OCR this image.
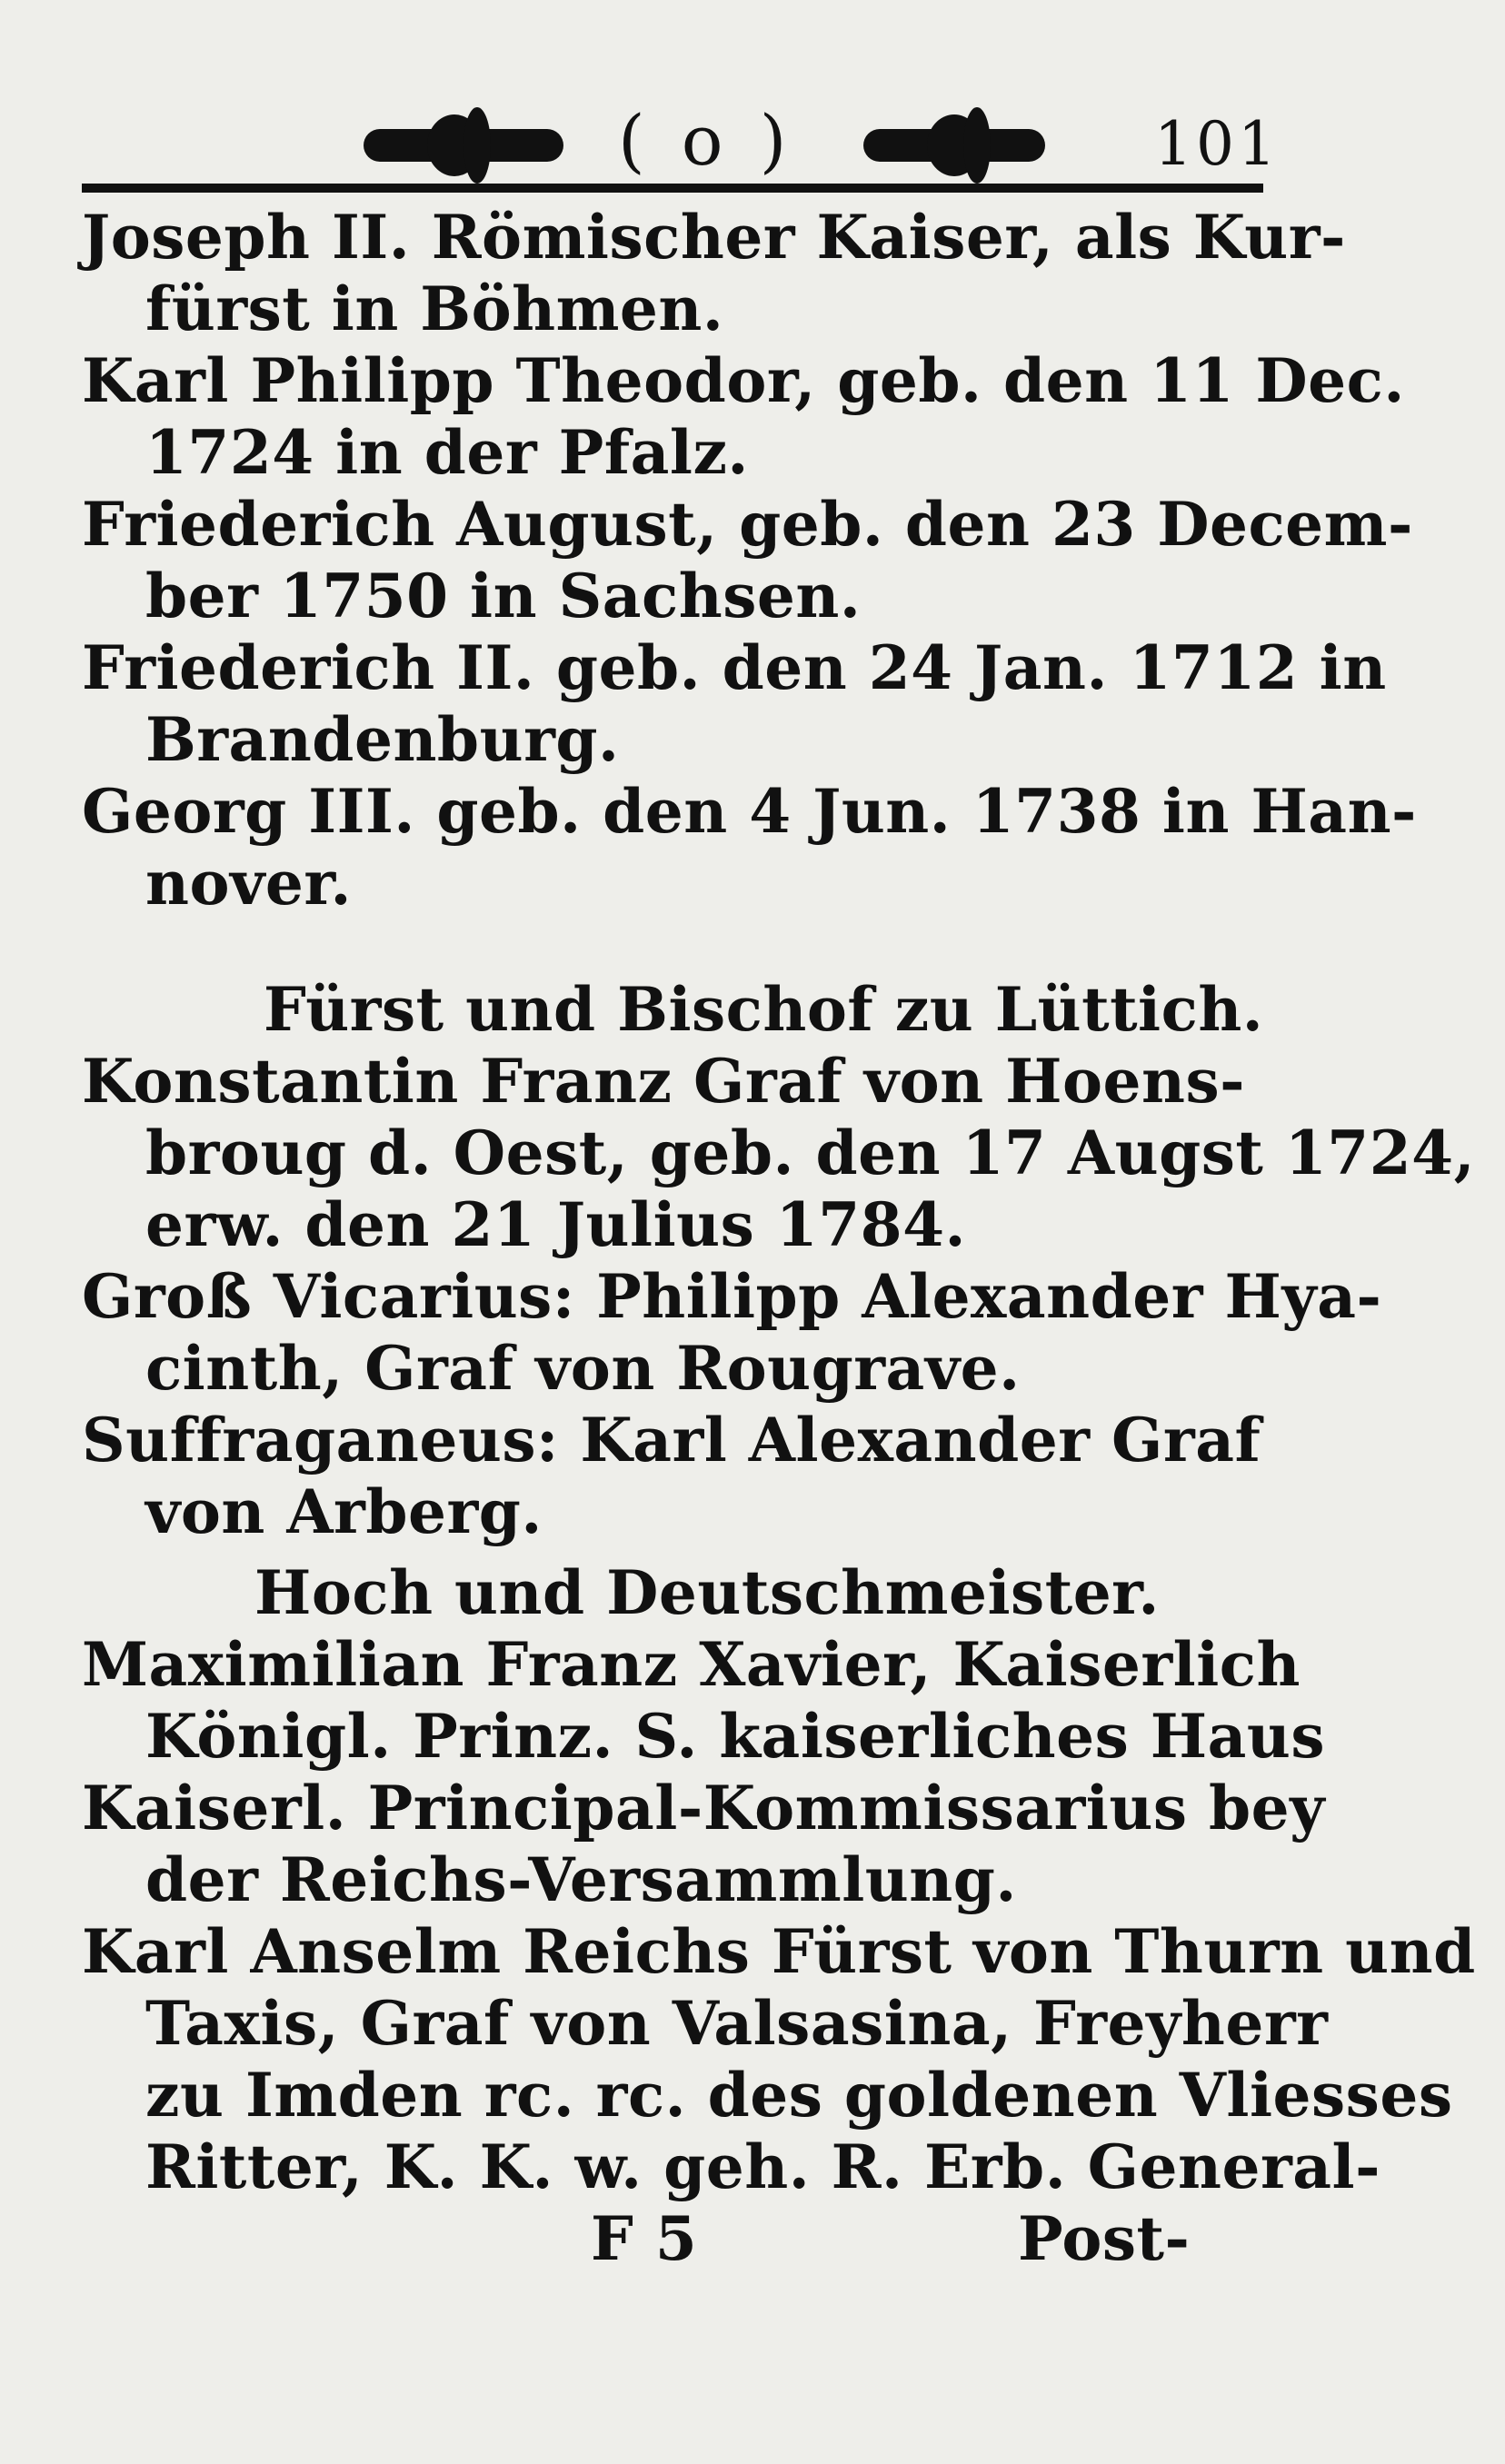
( o )	101
Joseph II. Römischer Kaiser, als Kur-
fürst in Böhmen.
Karl Philipp Theodor, geb. den 11 Dec.
1724 in der Pfalz.
Friederich August, geb. den 23 Decem-
ber 1750 in Sachsen.
Friederich II. geb. den 24 Jan. 1712 in
Brandenburg.
Georg III. geb. den 4 Jun. 1738 in Han-
nover.
Fürst und Bischof zu Lüttich.
Konstantin Franz Graf von Hoens-
broug d. Oest, geb. den 17 Augst 1724,
erw. den 21 Julius 1784.
Groß Vicarius: Philipp Alexander Hya-
cinth, Graf von Rougrave.
Suffraganeus: Karl Alexander Graf
von Arberg.
Hoch und Deutschmeister.
Maximilian Franz Xavier, Kaiserlich
Königl. Prinz. S. kaiserliches Haus
Kaiserl. Principal-Kommissarius bey
der Reichs-Versammlung.
Karl Anselm Reichs Fürst von Thurn und
Taxis, Graf von Valsasina, Freyherr
zu Imden rc. rc. des goldenen Vliesses
Ritter, K. K. w. geh. R. Erb. General-
F 5	Post-
